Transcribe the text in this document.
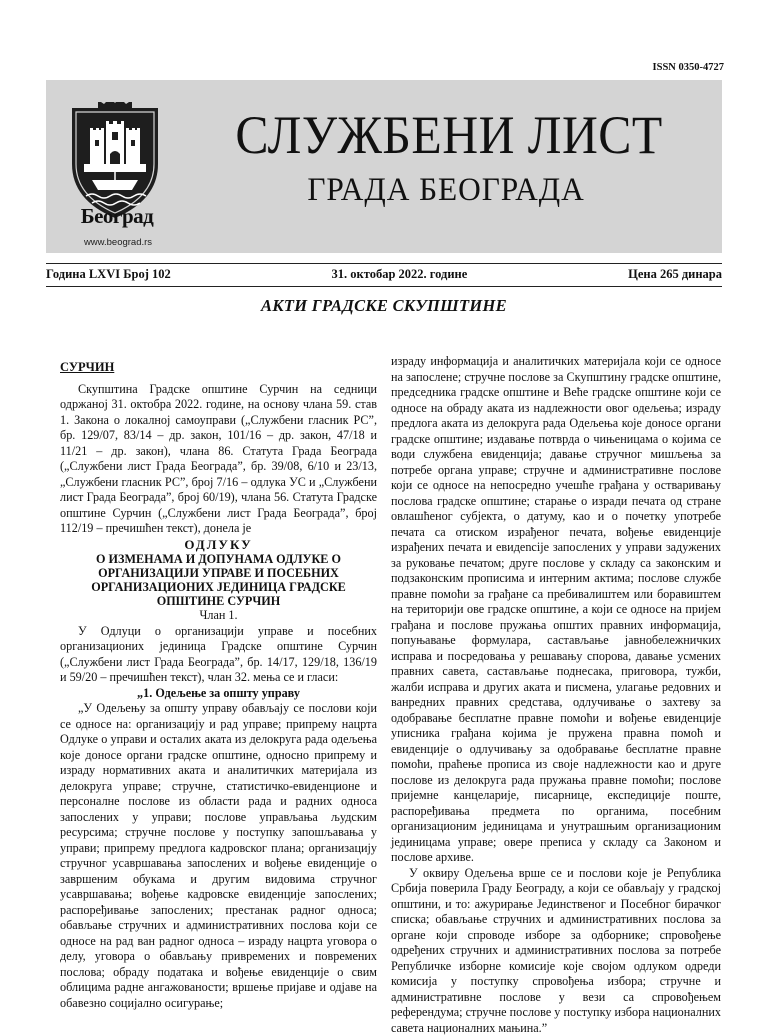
ISSN 0350-4727
Београд
www.beograd.rs
СЛУЖБЕНИ ЛИСТ
ГРАДА БЕОГРАДА
Година LXVI Број 102	31. октобар 2022. године	Цена 265 динара
АКТИ ГРАДСКЕ СКУПШТИНЕ

СУРЧИН

Скупштина Градске општине Сурчин на седници одржаној 31. октобра 2022. године, на основу члана 59. став 1. Закона о локалној самоуправи („Службени гласник РС”, бр. 129/07, 83/14 – др. закон, 101/16 – др. закон, 47/18 и 11/21 – др. закон), члана 86. Статута Града Београда („Службени лист Града Београда”, бр. 39/08, 6/10 и 23/13, „Службени гласник РС”, број 7/16 – одлука УС и „Службени лист Града Београда”, број 60/19), члана 56. Статута Градске општине Сурчин („Службени лист Града Београда”, број 112/19 – пречишћен текст), донела је

ОДЛУКУ

О ИЗМЕНАМА И ДОПУНАМА ОДЛУКЕ О ОРГАНИЗАЦИЈИ УПРАВЕ И ПОСЕБНИХ ОРГАНИЗАЦИОНИХ ЈЕДИНИЦА ГРАДСКЕ ОПШТИНЕ СУРЧИН

Члан 1.

У Одлуци о организацији управе и посебних организационих јединица Градске општине Сурчин („Службени лист Града Београда”, бр. 14/17, 129/18, 136/19 и 59/20 – пречишћен текст), члан 32. мења се и гласи:

„1. Одељење за општу управу

„У Одељењу за општу управу обављају се послови који се односе на: организацију и рад управе; припрему нацрта Одлуке о управи и осталих аката из делокруга рада одељења које доносе органи градске општине, односно припрему и израду нормативних аката и аналитичких материјала из делокруга управе; стручне, статистичко-евиденционе и персоналне послове из области рада и радних односа запослених у управи; послове управљања људским ресурсима; стручне послове у поступку запошљавања у управи; припрему предлога кадровског плана; организацију стручног усавршавања запослених и вођење евиденције о завршеним обукама и другим видовима стручног усавршавања; вођење кадровске евиденције запослених; распоређивање запослених; престанак радног односа; обављање стручних и административних послова који се односе на рад ван радног односа – израду нацрта уговора о делу, уговора о обављању привремених и повремених послова; обраду података и вођење евиденције о свим облицима радне ангажованости; вршење пријаве и одјаве на обавезно социјално осигурање;

израду информација и аналитичких материјала који се односе на запослене; стручне послове за Скупштину градске општине, председника градске општине и Веће градске општине који се односе на обраду аката из надлежности овог одељења; израду предлога аката из делокруга рада Одељења које доносе органи градске општине; издавање потврда о чињеницама о којима се води службена евиденција; давање стручног мишљења за потребе органа управе; стручне и административне послове који се односе на непосредно учешће грађана у остваривању послова градске општине; старање о изради печата од стране овлашћеног субјекта, о датуму, као и о почетку употребе печата са отиском израђеног печата, вођење евиденције израђених печата и евидencije запослених у управи задужених за руковање печатом; друге послове у складу са законским и подзаконским прописима и интерним актима; послове службе правне помоћи за грађане са пребивалиштем или боравиштем на територији ове градске општине, а који се односе на пријем грађана и послове пружања општих правних информација, попуњавање формулара, састављање јавнобележничких исправа и посредовања у решавању спорова, давање усмених правних савета, састављање поднесака, приговора, тужби, жалби исправа и других аката и писмена, улагање редовних и ванредних правних средстава, одлучивање о захтеву за одобравање бесплатне правне помоћи и вођење евиденције уписника грађана којима је пружена правна помоћ и евиденције о одлучивању за одобравање бесплатне правне помоћи, праћење прописа из своје надлежности као и друге послове из делокруга рада пружања правне помоћи; послове пријемне канцеларије, писарнице, експедиције поште, распоређивања предмета по органима, посебним организационим јединицама и унутрашњим организационим јединицама управе; овере преписа у складу са Законом и послове архиве.

У оквиру Одељења врше се и послови које је Република Србија поверила Граду Београду, а који се обављају у градској општини, и то: ажурирање Јединственог и Посебног бирачког списка; обављање стручних и административних послова за органе који спроводе изборе за одборнике; спровођење одређених стручних и административних послова за потребе Републичке изборне комисије које својом одлуком одреди комисија у поступку спровођења избора; стручне и административне послове у вези са спровођењем референдума; стручне послове у поступку избора националних савета националних мањина.”
